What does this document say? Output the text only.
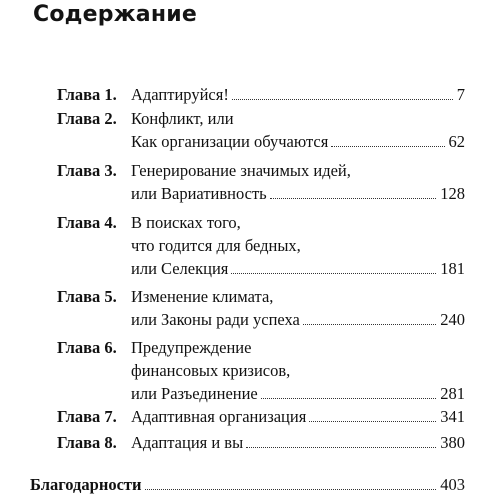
Содержание
Глава 1. Адаптируйся!	7
Глава 2. Конфликт, или
Как организации обучаются	62
Глава 3. Генерирование значимых идей,
или Вариативность	128
Глава 4. В поисках того,
что годится для бедных,
или Селекция	181
Глава 5. Изменение климата,
или Законы ради успеха	240
Глава 6. Предупреждение
финансовых кризисов,
или Разъединение	281
Глава 7. Адаптивная организация	341
Глава 8. Адаптация и вы	380
Благодарности	403
